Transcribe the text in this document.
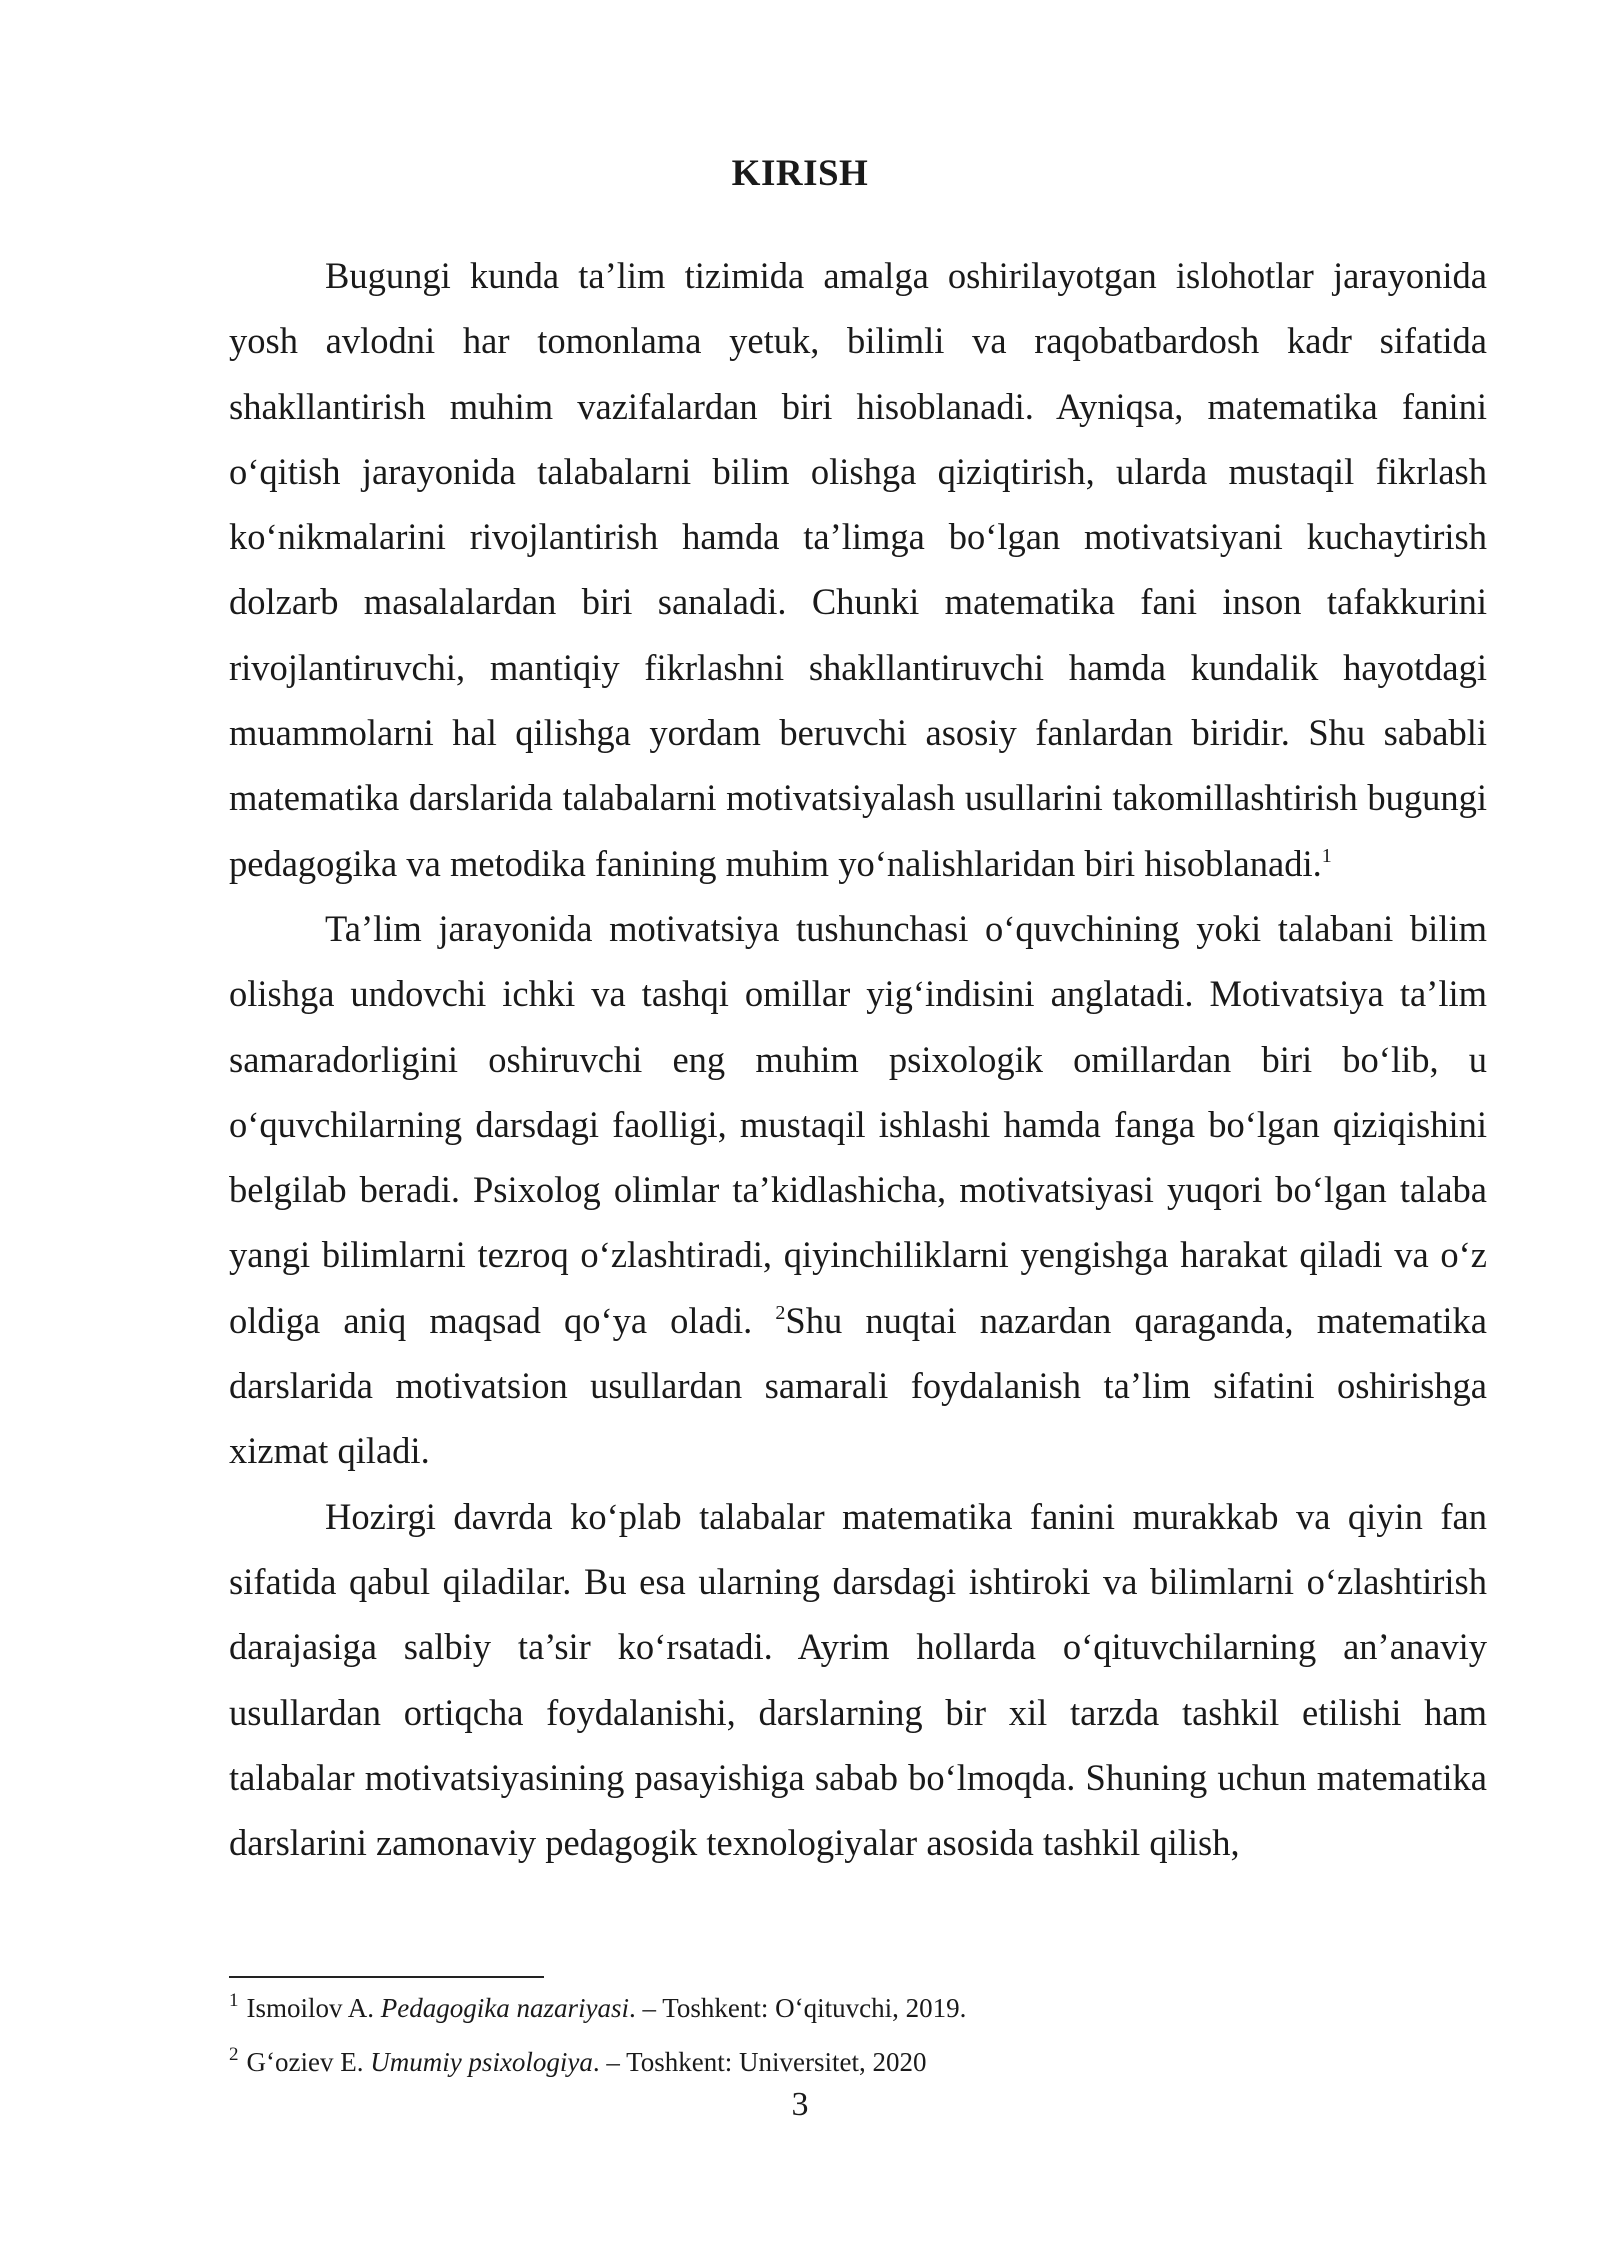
KIRISH

Bugungi kunda ta’lim tizimida amalga oshirilayotgan islohotlar jarayonida yosh avlodni har tomonlama yetuk, bilimli va raqobatbardosh kadr sifatida shakllantirish muhim vazifalardan biri hisoblanadi. Ayniqsa, matematika fanini o‘qitish jarayonida talabalarni bilim olishga qiziqtirish, ularda mustaqil fikrlash ko‘nikmalarini rivojlantirish hamda ta’limga bo‘lgan motivatsiyani kuchaytirish dolzarb masalalardan biri sanaladi. Chunki matematika fani inson tafakkurini rivojlantiruvchi, mantiqiy fikrlashni shakllantiruvchi hamda kundalik hayotdagi muammolarni hal qilishga yordam beruvchi asosiy fanlardan biridir. Shu sababli matematika darslarida talabalarni motivatsiyalash usullarini takomillashtirish bugungi pedagogika va metodika fanining muhim yo‘nalishlaridan biri hisoblanadi.$^1$

Ta’lim jarayonida motivatsiya tushunchasi o‘quvchining yoki talabani bilim olishga undovchi ichki va tashqi omillar yig‘indisini anglatadi. Motivatsiya ta’lim samaradorligini oshiruvchi eng muhim psixologik omillardan biri bo‘lib, u o‘quvchilarning darsdagi faolligi, mustaqil ishlashi hamda fanga bo‘lgan qiziqishini belgilab beradi. Psixolog olimlar ta’kidlashicha, motivatsiyasi yuqori bo‘lgan talaba yangi bilimlarni tezroq o‘zlashtiradi, qiyinchiliklarni yengishga harakat qiladi va o‘z oldiga aniq maqsad qo‘ya oladi. $^2$Shu nuqtai nazardan qaraganda, matematika darslarida motivatsion usullardan samarali foydalanish ta’lim sifatini oshirishga xizmat qiladi.

Hozirgi davrda ko‘plab talabalar matematika fanini murakkab va qiyin fan sifatida qabul qiladilar. Bu esa ularning darsdagi ishtiroki va bilimlarni o‘zlashtirish darajasiga salbiy ta’sir ko‘rsatadi. Ayrim hollarda o‘qituvchilarning an’anaviy usullardan ortiqcha foydalanishi, darslarning bir xil tarzda tashkil etilishi ham talabalar motivatsiyasining pasayishiga sabab bo‘lmoqda. Shuning uchun matematika darslarini zamonaviy pedagogik texnologiyalar asosida tashkil qilish,

$^1$ Ismoilov A. Pedagogika nazariyasi. – Toshkent: O‘qituvchi, 2019.

$^2$ G‘oziev E. Umumiy psixologiya. – Toshkent: Universitet, 2020

3
